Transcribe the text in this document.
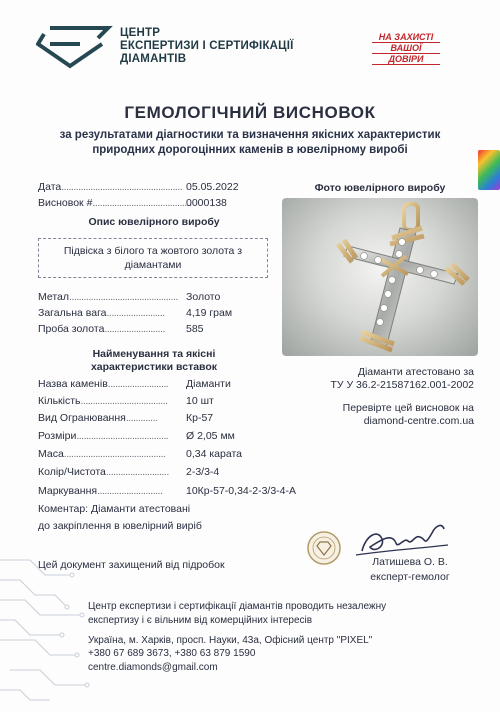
ЦЕНТР
ЕКСПЕРТИЗИ І СЕРТИФІКАЦІЇ
ДІАМАНТІВ
НА ЗАХИСТІ
ВАШОЇ
ДОВІРИ
ГЕМОЛОГІЧНИЙ ВИСНОВОК
за результатами діагностики та визначення якісних характеристик
природних дорогоцінних каменів в ювелірному виробі
Дата.................................................. 05.05.2022
Висновок #.........................................
0000138
Опис ювелірного виробу
Підвіска з білого та жовтого золота з
діамантами
Метал............................................. Золото
Загальна вага........................ 4,19 грам
Проба золота......................... 585
Найменування та якісні
характеристики вставок
Назва каменів......................... Діаманти
Кількість.................................... 10 шт
Вид Огранювання.............	Кр-57
Розміри...................................... Ø 2,05 мм
Маса.......................................... 0,34 карата
Колір/Чистота.......................... 2-3/3-4
Маркування........................... 10Кр-57-0,34-2-3/3-4-А
Коментар: Діаманти атестовані
до закріплення в ювелірний виріб
Фото ювелірного виробу
Діаманти атестовано за
ТУ У 36.2-21587162.001-2002
Перевірте цей висновок на
diamond-centre.com.ua
Цей документ захищений від підробок	Латишева О. В.
експерт-гемолог
Центр експертизи і сертифікації діамантів проводить незалежну
експертизу і є вільним від комерційних інтересів
Україна, м. Харків, просп. Науки, 43а, Офісний центр "PIXEL"
+380 67 689 3673, +380 63 879 1590
centre.diamonds@gmail.com
